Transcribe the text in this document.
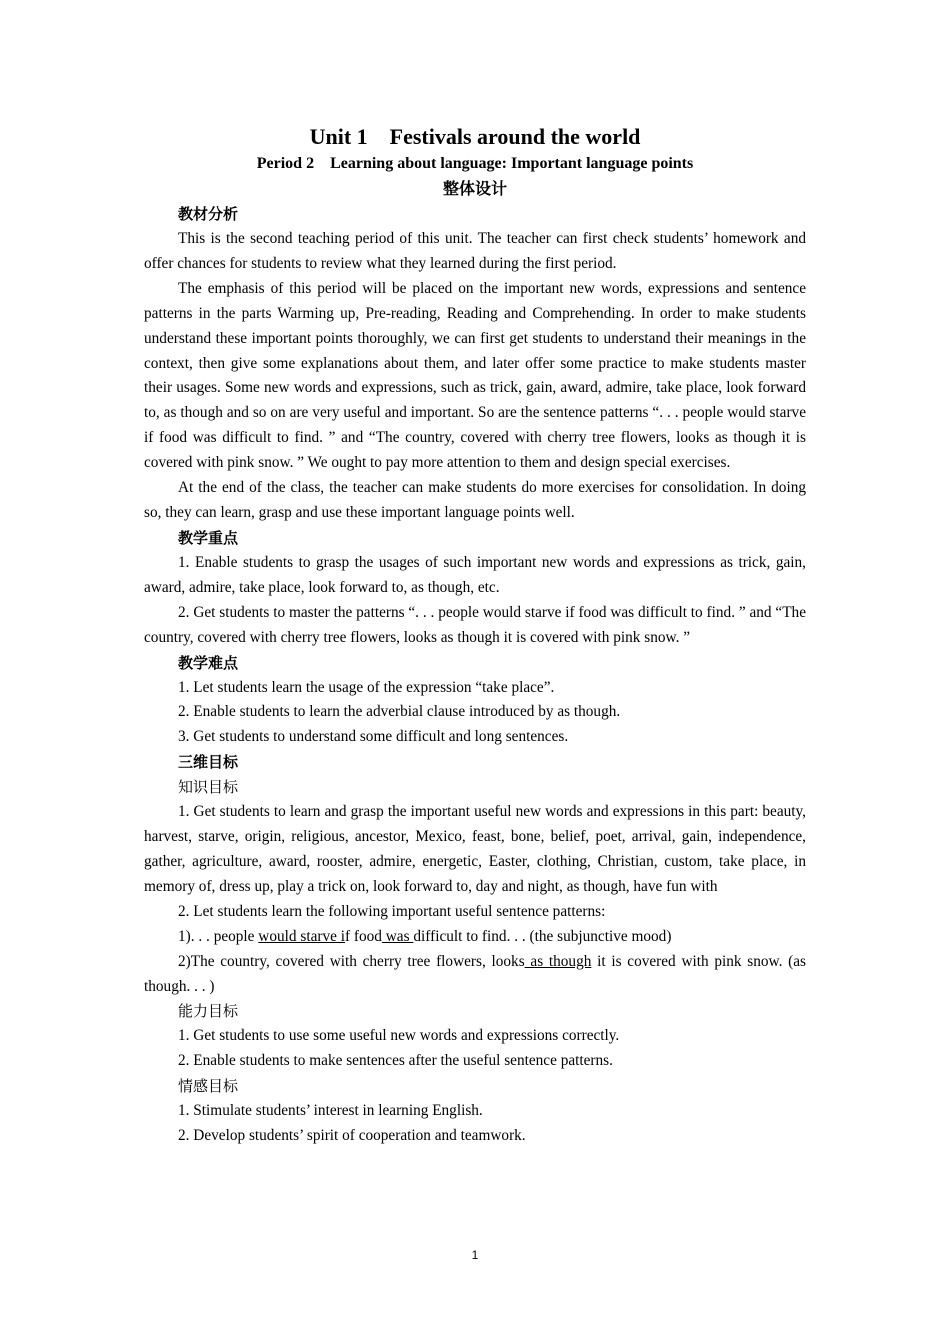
Unit 1　Festivals around the world
Period 2　Learning about language: Important language points
整体设计
教材分析

This is the second teaching period of this unit. The teacher can first check students’ homework and offer chances for students to review what they learned during the first period.

The emphasis of this period will be placed on the important new words, expressions and sentence patterns in the parts Warming up, Pre-reading, Reading and Comprehending. In order to make students understand these important points thoroughly, we can first get students to understand their meanings in the context, then give some explanations about them, and later offer some practice to make students master their usages. Some new words and expressions, such as trick, gain, award, admire, take place, look forward to, as though and so on are very useful and important. So are the sentence patterns “. . . people would starve if food was difficult to find. ” and “The country, covered with cherry tree flowers, looks as though it is covered with pink snow. ” We ought to pay more attention to them and design special exercises.

At the end of the class, the teacher can make students do more exercises for consolidation. In doing so, they can learn, grasp and use these important language points well.

教学重点

1. Enable students to grasp the usages of such important new words and expressions as trick, gain, award, admire, take place, look forward to, as though, etc.

2. Get students to master the patterns “. . . people would starve if food was difficult to find. ” and “The country, covered with cherry tree flowers, looks as though it is covered with pink snow. ”

教学难点

1. Let students learn the usage of the expression “take place”.

2. Enable students to learn the adverbial clause introduced by as though.

3. Get students to understand some difficult and long sentences.

三维目标
知识目标

1. Get students to learn and grasp the important useful new words and expressions in this part: beauty, harvest, starve, origin, religious, ancestor, Mexico, feast, bone, belief, poet, arrival, gain, independence, gather, agriculture, award, rooster, admire, energetic, Easter, clothing, Christian, custom, take place, in memory of, dress up, play a trick on, look forward to, day and night, as though, have fun with

2. Let students learn the following important useful sentence patterns:

1). . . people would starve if food was difficult to find. . . (the subjunctive mood)

2)The country, covered with cherry tree flowers, looks as though it is covered with pink snow. (as though. . . )

能力目标

1. Get students to use some useful new words and expressions correctly.

2. Enable students to make sentences after the useful sentence patterns.

情感目标

1. Stimulate students’ interest in learning English.

2. Develop students’ spirit of cooperation and teamwork.

1
